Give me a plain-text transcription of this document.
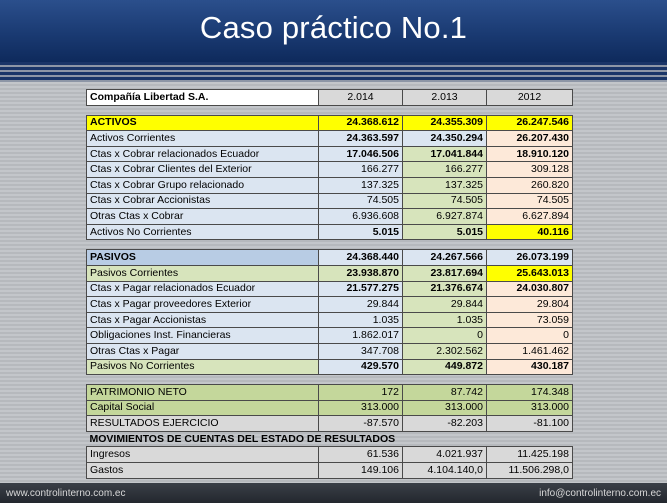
Caso práctico No.1
Compañía Libertad S.A.	2.014	2.013	2012

ACTIVOS	24.368.612	24.355.309	26.247.546
Activos Corrientes	24.363.597	24.350.294	26.207.430
Ctas x Cobrar relacionados Ecuador	17.046.506	17.041.844	18.910.120
Ctas x Cobrar Clientes del Exterior	166.277	166.277	309.128
Ctas x Cobrar Grupo relacionado	137.325	137.325	260.820
Ctas x Cobrar Accionistas	74.505	74.505	74.505
Otras Ctas x Cobrar	6.936.608	6.927.874	6.627.894
Activos No Corrientes	5.015	5.015	40.116

PASIVOS	24.368.440	24.267.566	26.073.199
Pasivos Corrientes	23.938.870	23.817.694	25.643.013
Ctas x Pagar relacionados Ecuador	21.577.275	21.376.674	24.030.807
Ctas x Pagar proveedores Exterior	29.844	29.844	29.804
Ctas x Pagar Accionistas	1.035	1.035	73.059
Obligaciones Inst. Financieras	1.862.017	0	0
Otras Ctas x Pagar	347.708	2.302.562	1.461.462
Pasivos No Corrientes	429.570	449.872	430.187

PATRIMONIO NETO	172	87.742	174.348
Capital Social	313.000	313.000	313.000
RESULTADOS EJERCICIO	-87.570	-82.203	-81.100
MOVIMIENTOS DE CUENTAS DEL ESTADO DE RESULTADOS			
Ingresos	61.536	4.021.937	11.425.198
Gastos	149.106	4.104.140,0	11.506.298,0
www.controlinterno.com.ec	info@controlinterno.com.ec
